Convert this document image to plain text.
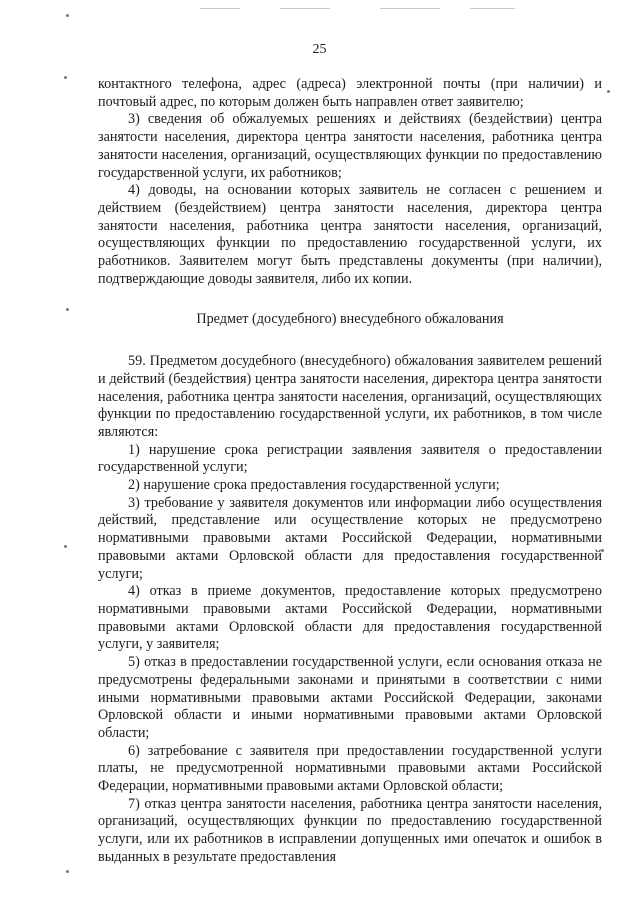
25

контактного телефона, адрес (адреса) электронной почты (при наличии) и почтовый адрес, по которым должен быть направлен ответ заявителю;

3) сведения об обжалуемых решениях и действиях (бездействии) центра занятости населения, директора центра занятости населения, работника центра занятости населения, организаций, осуществляющих функции по предоставлению государственной услуги, их работников;

4) доводы, на основании которых заявитель не согласен с решением и действием (бездействием) центра занятости населения, директора центра занятости населения, работника центра занятости населения, организаций, осуществляющих функции по предоставлению государственной услуги, их работников. Заявителем могут быть представлены документы (при наличии), подтверждающие доводы заявителя, либо их копии.

Предмет (досудебного) внесудебного обжалования

59. Предметом досудебного (внесудебного) обжалования заявителем решений и действий (бездействия) центра занятости населения, директора центра занятости населения, работника центра занятости населения, организаций, осуществляющих функции по предоставлению государственной услуги, их работников, в том числе являются:

1) нарушение срока регистрации заявления заявителя о предоставлении государственной услуги;

2) нарушение срока предоставления государственной услуги;

3) требование у заявителя документов или информации либо осуществления действий, представление или осуществление которых не предусмотрено нормативными правовыми актами Российской Федерации, нормативными правовыми актами Орловской области для предоставления государственной услуги;

4) отказ в приеме документов, предоставление которых предусмотрено нормативными правовыми актами Российской Федерации, нормативными правовыми актами Орловской области для предоставления государственной услуги, у заявителя;

5) отказ в предоставлении государственной услуги, если основания отказа не предусмотрены федеральными законами и принятыми в соответствии с ними иными нормативными правовыми актами Российской Федерации, законами Орловской области и иными нормативными правовыми актами Орловской области;

6) затребование с заявителя при предоставлении государственной услуги платы, не предусмотренной нормативными правовыми актами Российской Федерации, нормативными правовыми актами Орловской области;

7) отказ центра занятости населения, работника центра занятости населения, организаций, осуществляющих функции по предоставлению государственной услуги, или их работников в исправлении допущенных ими опечаток и ошибок в выданных в результате предоставления
